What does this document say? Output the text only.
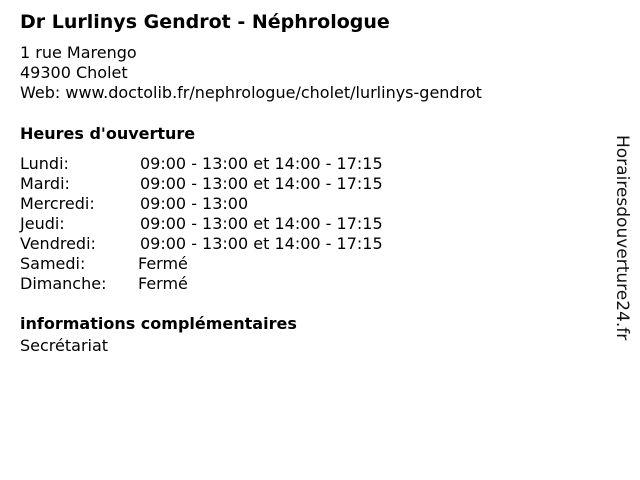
Dr Lurlinys Gendrot - Néphrologue
1 rue Marengo
49300 Cholet
Web: www.doctolib.fr/nephrologue/cholet/lurlinys-gendrot
Heures d'ouverture
Lundi:	09:00 - 13:00 et 14:00 - 17:15
Mardi:	09:00 - 13:00 et 14:00 - 17:15
Mercredi:	09:00 - 13:00
Jeudi:	09:00 - 13:00 et 14:00 - 17:15
Vendredi:	09:00 - 13:00 et 14:00 - 17:15
Samedi:	Fermé
Dimanche: Fermé
informations complémentaires
Secrétariat
Horairesdouverture24.fr
